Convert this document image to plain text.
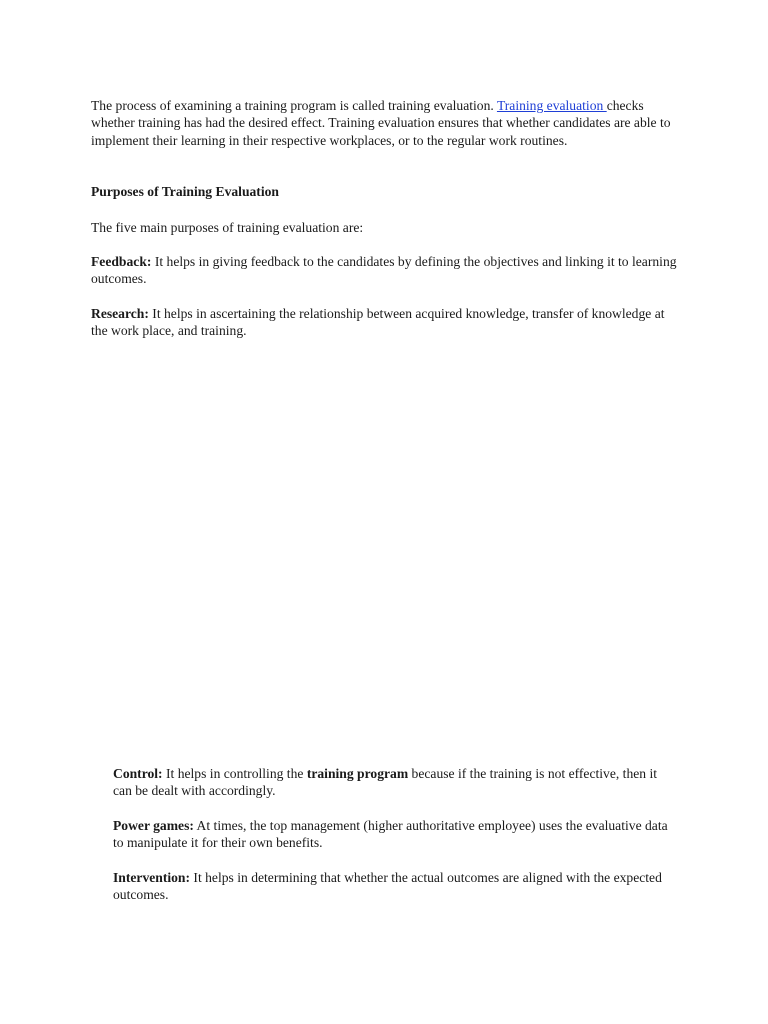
The process of examining a training program is called training evaluation. Training evaluation checks whether training has had the desired effect. Training evaluation ensures that whether candidates are able to implement their learning in their respective workplaces, or to the regular work routines.

Purposes of Training Evaluation

The five main purposes of training evaluation are:

Feedback: It helps in giving feedback to the candidates by defining the objectives and linking it to learning outcomes.

Research: It helps in ascertaining the relationship between acquired knowledge, transfer of knowledge at the work place, and training.

Control: It helps in controlling the training program because if the training is not effective, then it can be dealt with accordingly.

Power games: At times, the top management (higher authoritative employee) uses the evaluative data to manipulate it for their own benefits.

Intervention: It helps in determining that whether the actual outcomes are aligned with the expected outcomes.
